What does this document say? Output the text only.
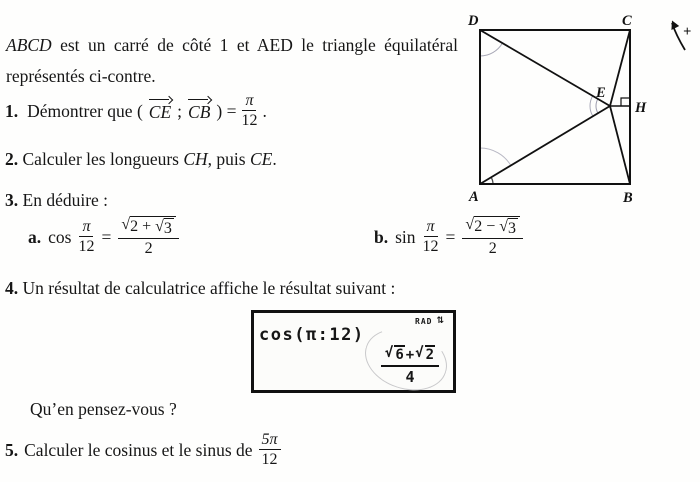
ABCD est un carré de côté 1 et AED le triangle équilatéral
représentés ci-contre.
1. Démontrer que ( CE ; CB ) = $\frac{\pi}{12}$ .
2. Calculer les longueurs CH, puis CE.
3. En déduire :
a. $\cos \frac{\pi}{12} = \frac{√2 + √3}{2}$	b. $\sin \frac{\pi}{12} = \frac{√2 - √3}{2}$
4. Un résultat de calculatrice affiche le résultat suivant :
cos(π:12)
RAD ⇅
$\frac{√ 6 + √ 2}{4}$
Qu’en pensez-vous ?
5. Calculer le cosinus et le sinus de $\frac{5\pi}{12}$
+
D	C
A	B
E
H
